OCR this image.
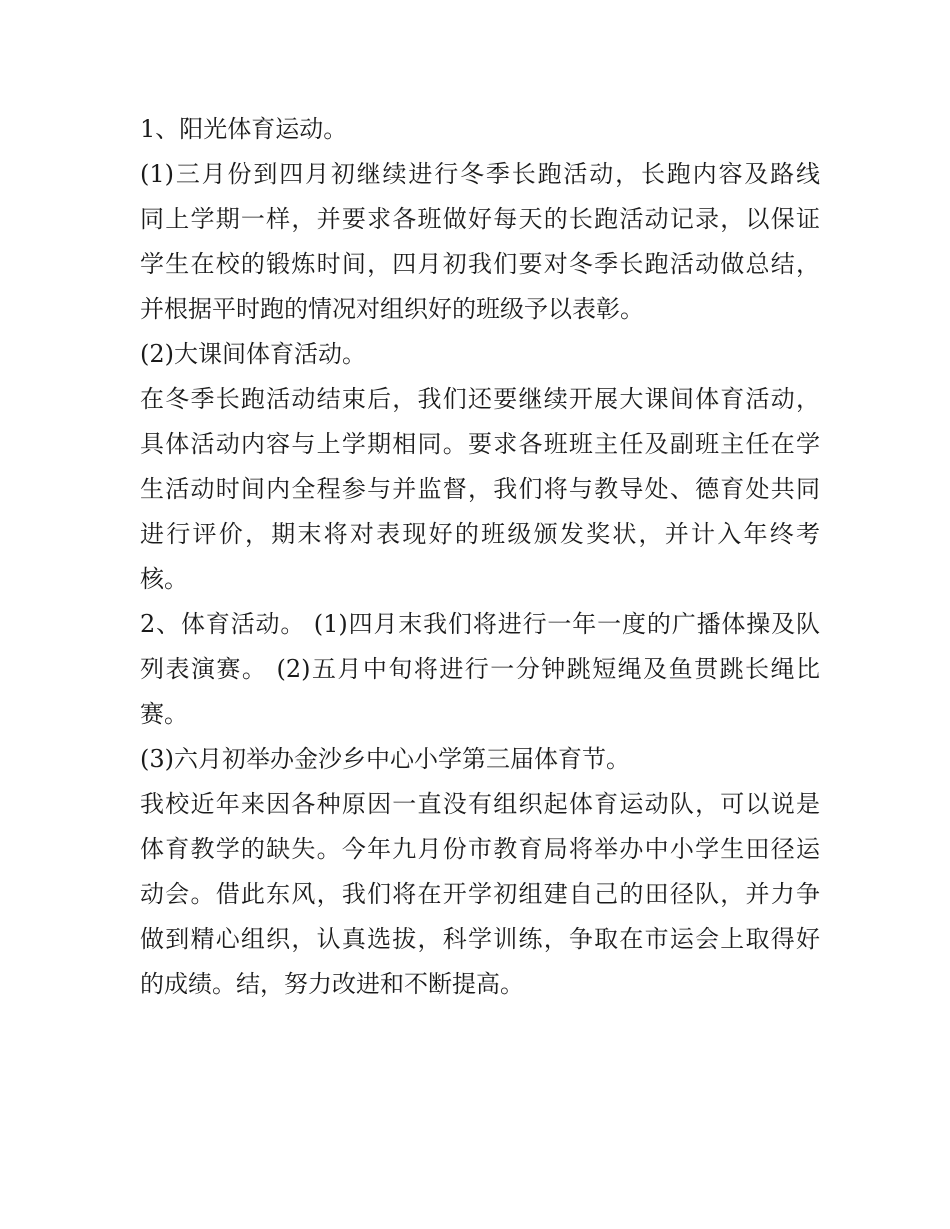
1、阳光体育运动。
(1)三月份到四月初继续进行冬季长跑活动，长跑内容及路线
同上学期一样，并要求各班做好每天的长跑活动记录，以保证
学生在校的锻炼时间，四月初我们要对冬季长跑活动做总结，
并根据平时跑的情况对组织好的班级予以表彰。
(2)大课间体育活动。
在冬季长跑活动结束后，我们还要继续开展大课间体育活动，
具体活动内容与上学期相同。要求各班班主任及副班主任在学
生活动时间内全程参与并监督，我们将与教导处、德育处共同
进行评价，期末将对表现好的班级颁发奖状，并计入年终考
核。
2、体育活动。 (1)四月末我们将进行一年一度的广播体操及队
列表演赛。 (2)五月中旬将进行一分钟跳短绳及鱼贯跳长绳比
赛。
(3)六月初举办金沙乡中心小学第三届体育节。
我校近年来因各种原因一直没有组织起体育运动队，可以说是
体育教学的缺失。今年九月份市教育局将举办中小学生田径运
动会。借此东风，我们将在开学初组建自己的田径队，并力争
做到精心组织，认真选拔，科学训练，争取在市运会上取得好
的成绩。结，努力改进和不断提高。
